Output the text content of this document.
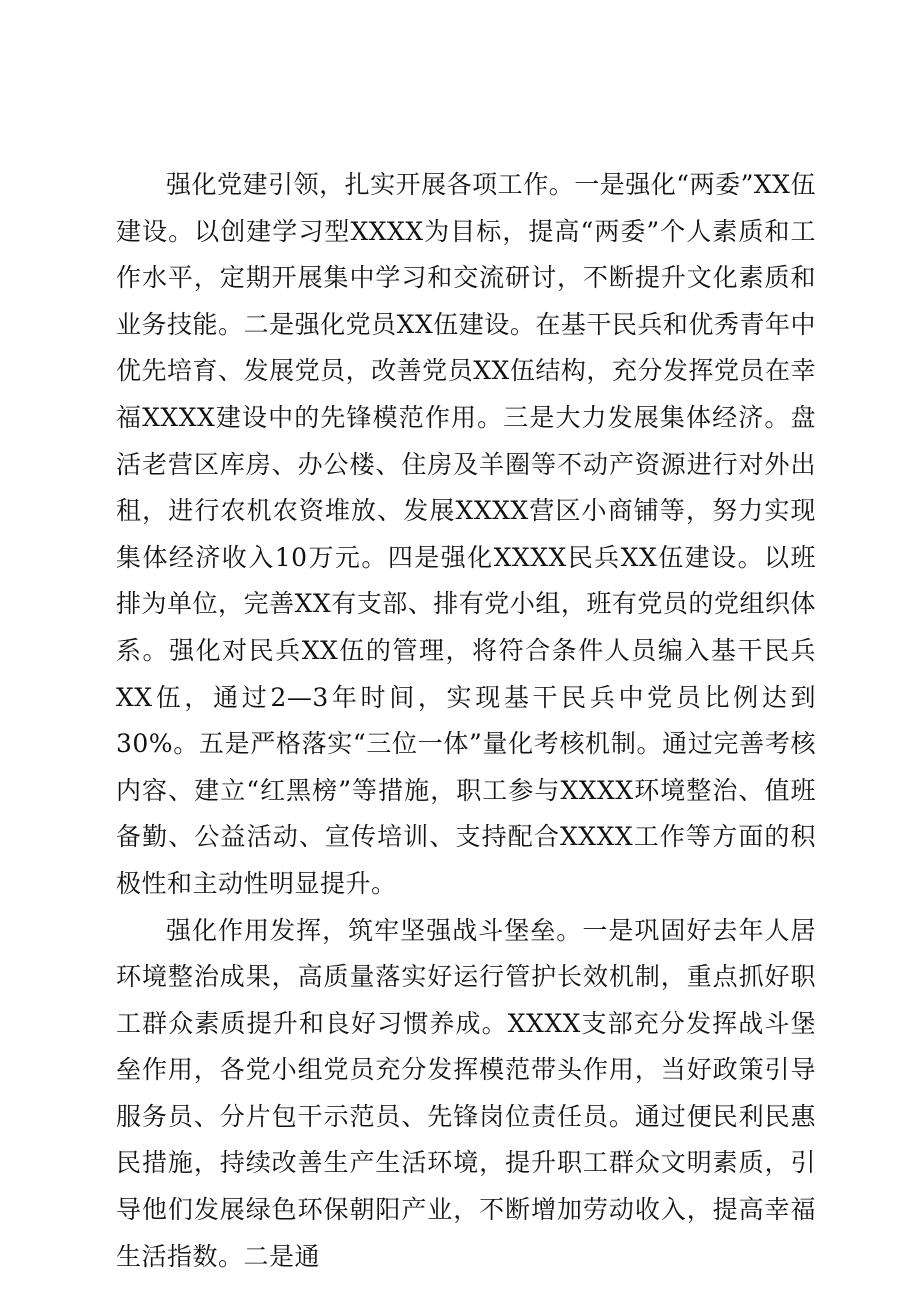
强化党建引领，扎实开展各项工作。一是强化“两委”XX伍建设。以创建学习型XXXX为目标，提高“两委”个人素质和工作水平，定期开展集中学习和交流研讨，不断提升文化素质和业务技能。二是强化党员XX伍建设。在基干民兵和优秀青年中优先培育、发展党员，改善党员XX伍结构，充分发挥党员在幸福XXXX建设中的先锋模范作用。三是大力发展集体经济。盘活老营区库房、办公楼、住房及羊圈等不动产资源进行对外出租，进行农机农资堆放、发展XXXX营区小商铺等，努力实现集体经济收入10万元。四是强化XXXX民兵XX伍建设。以班排为单位，完善XX有支部、排有党小组，班有党员的党组织体系。强化对民兵XX伍的管理，将符合条件人员编入基干民兵XX伍，通过2—3年时间，实现基干民兵中党员比例达到30%。五是严格落实“三位一体”量化考核机制。通过完善考核内容、建立“红黑榜”等措施，职工参与XXXX环境整治、值班备勤、公益活动、宣传培训、支持配合XXXX工作等方面的积极性和主动性明显提升。

强化作用发挥，筑牢坚强战斗堡垒。一是巩固好去年人居环境整治成果，高质量落实好运行管护长效机制，重点抓好职工群众素质提升和良好习惯养成。XXXX支部充分发挥战斗堡垒作用，各党小组党员充分发挥模范带头作用，当好政策引导服务员、分片包干示范员、先锋岗位责任员。通过便民利民惠民措施，持续改善生产生活环境，提升职工群众文明素质，引导他们发展绿色环保朝阳产业，不断增加劳动收入，提高幸福生活指数。二是通
